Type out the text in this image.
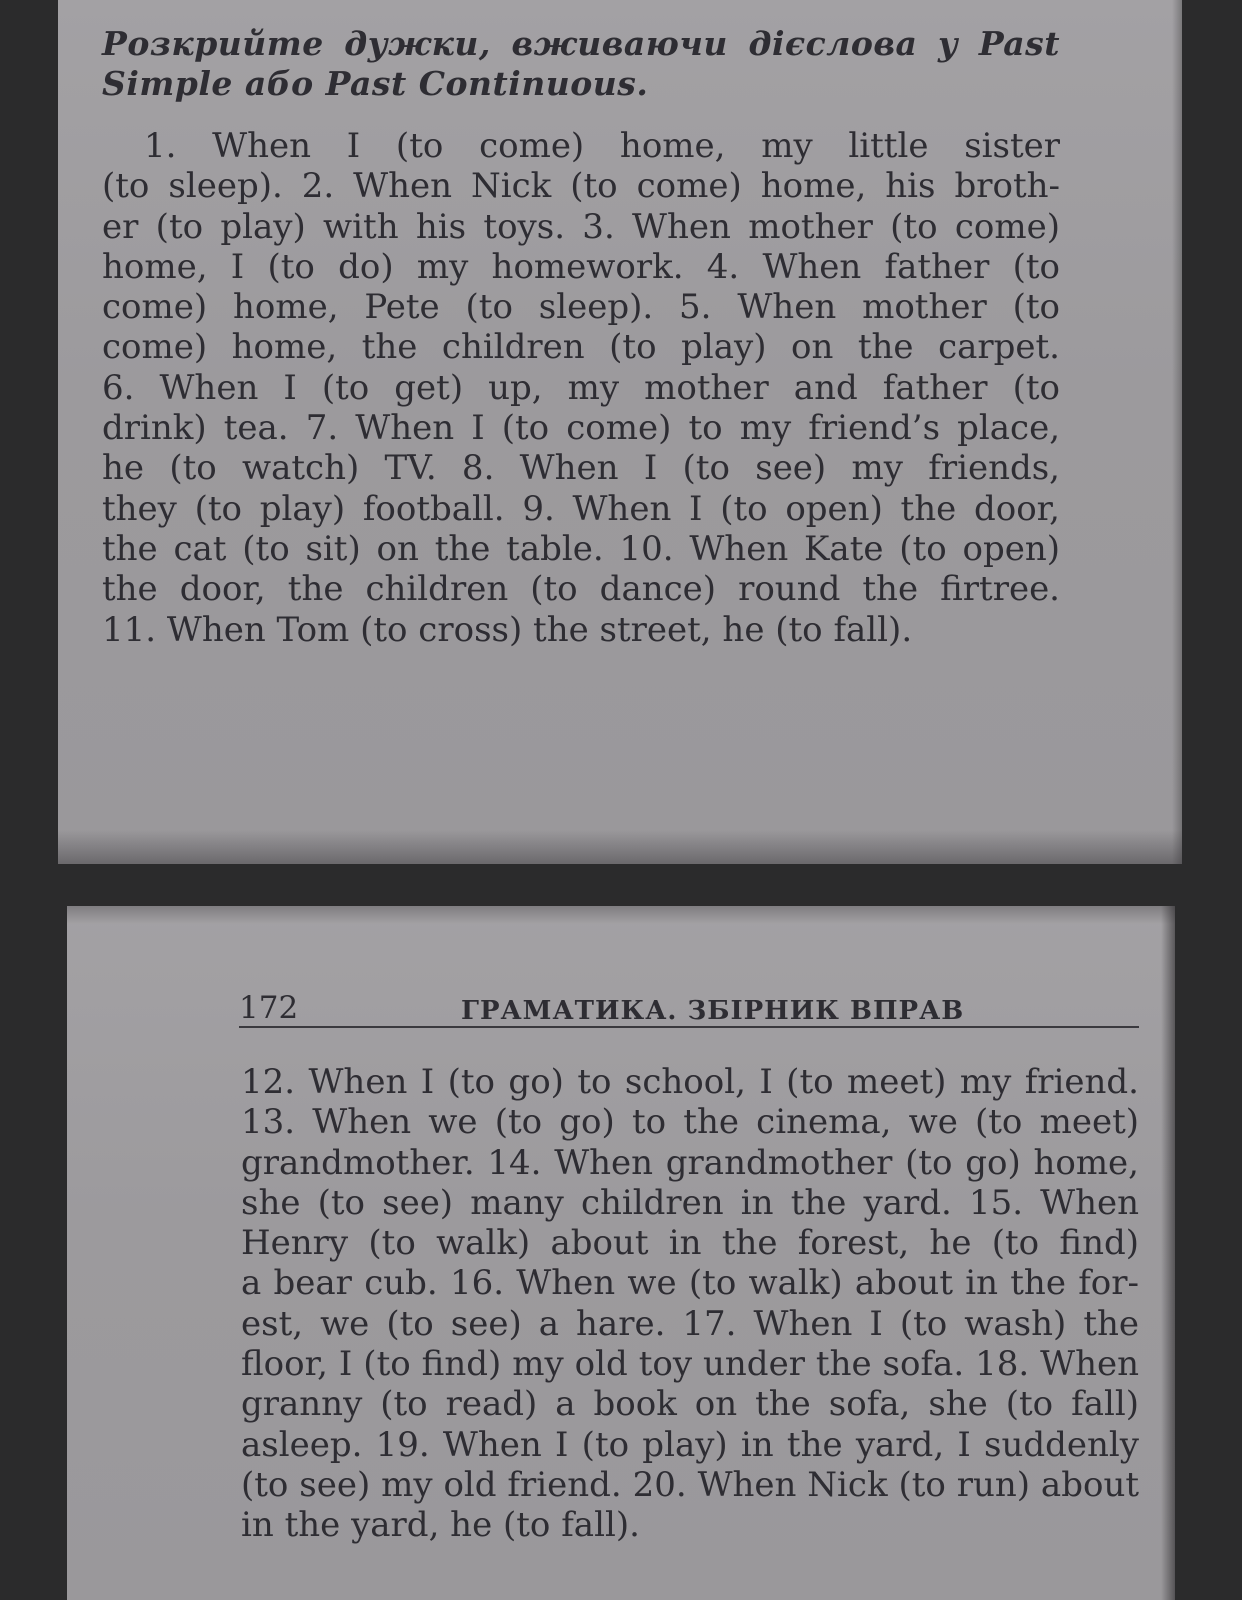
Розкрийте дужки, вживаючи дієслова у Past
Simple або Past Continuous.

1. When I (to come) home, my little sister
(to sleep). 2. When Nick (to come) home, his broth-
er (to play) with his toys. 3. When mother (to come)
home, I (to do) my homework. 4. When father (to
come) home, Pete (to sleep). 5. When mother (to
come) home, the children (to play) on the carpet.
6. When I (to get) up, my mother and father (to
drink) tea. 7. When I (to come) to my friend’s place,
he (to watch) TV. 8. When I (to see) my friends,
they (to play) football. 9. When I (to open) the door,
the cat (to sit) on the table. 10. When Kate (to open)
the door, the children (to dance) round the firtree.
11. When Tom (to cross) the street, he (to fall).

172	ГРАМАТИКА. ЗБІРНИК ВПРАВ

12. When I (to go) to school, I (to meet) my friend.
13. When we (to go) to the cinema, we (to meet)
grandmother. 14. When grandmother (to go) home,
she (to see) many children in the yard. 15. When
Henry (to walk) about in the forest, he (to find)
a bear cub. 16. When we (to walk) about in the for-
est, we (to see) a hare. 17. When I (to wash) the
floor, I (to find) my old toy under the sofa. 18. When
granny (to read) a book on the sofa, she (to fall)
asleep. 19. When I (to play) in the yard, I suddenly
(to see) my old friend. 20. When Nick (to run) about
in the yard, he (to fall).
